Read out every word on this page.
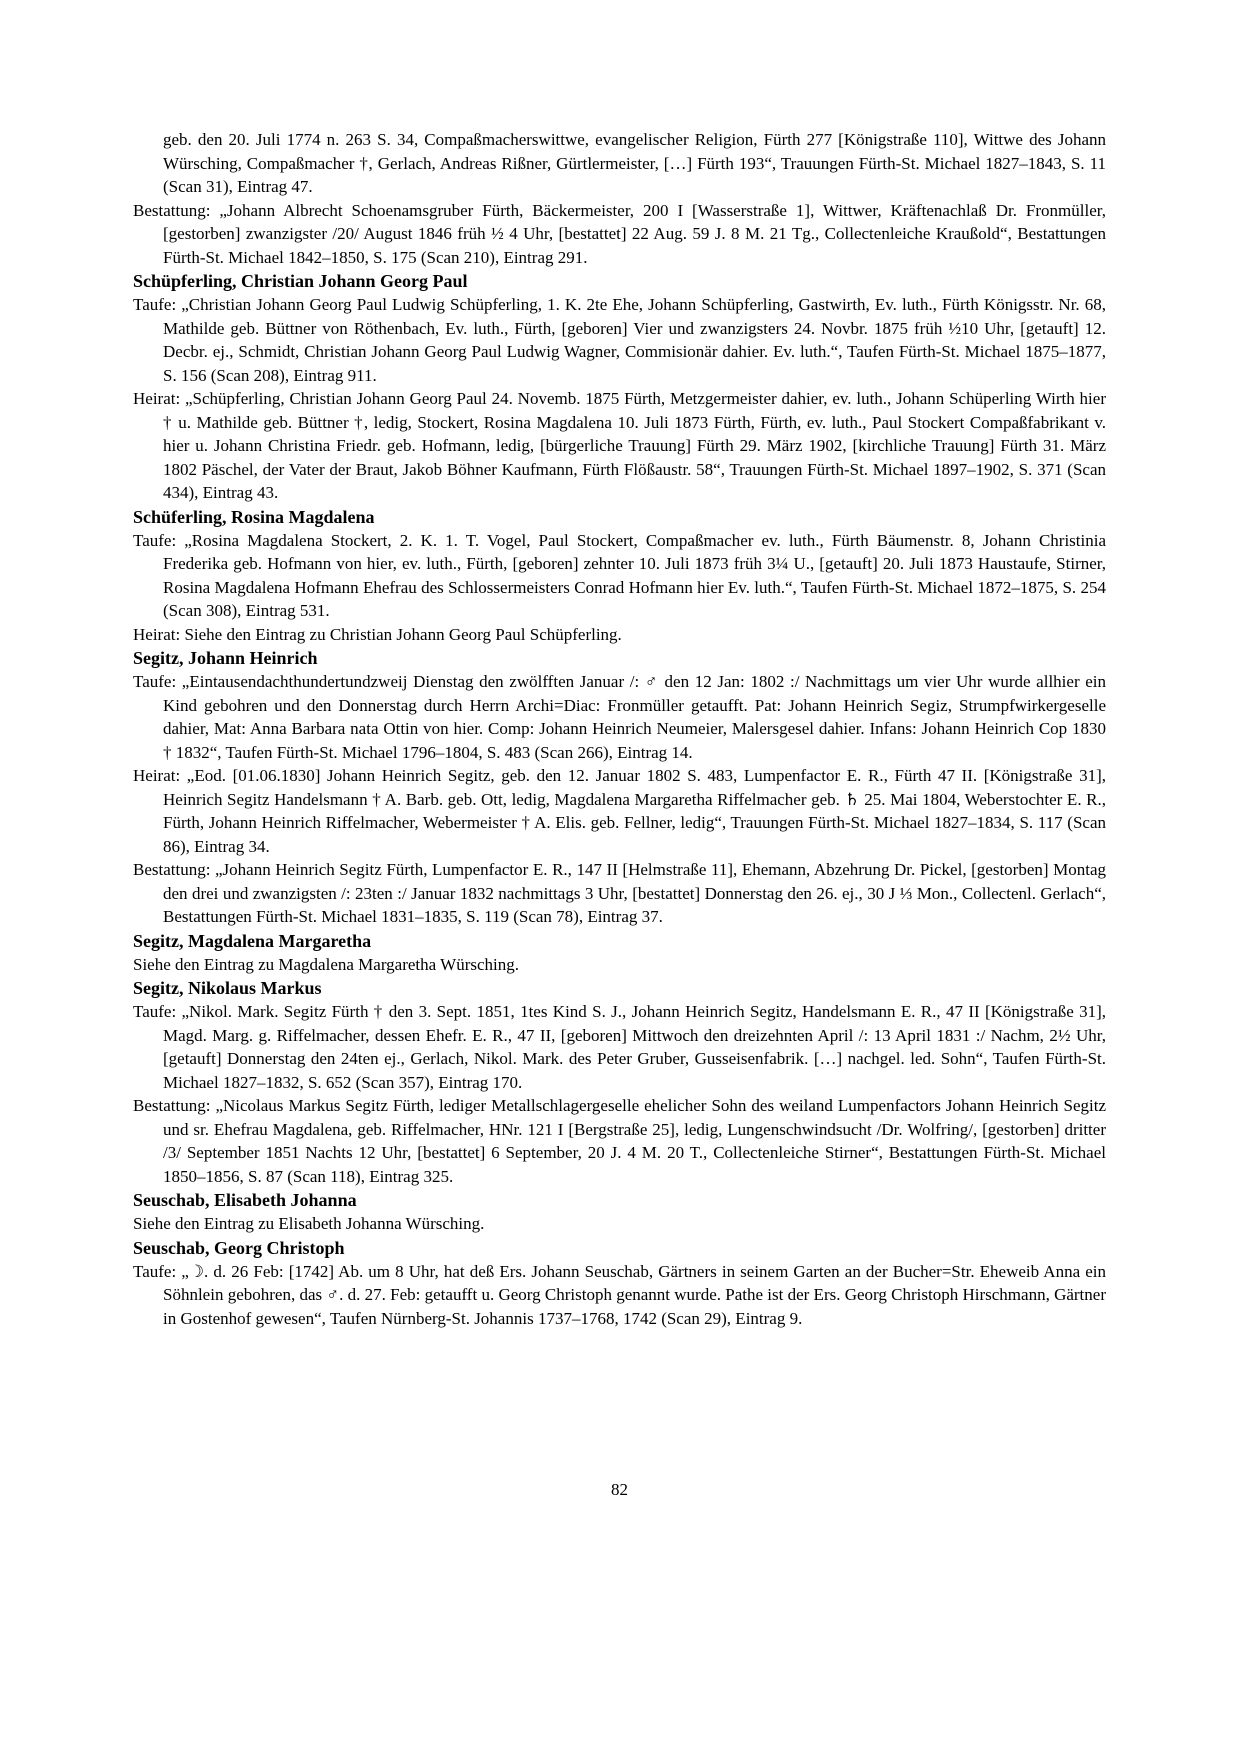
geb. den 20. Juli 1774 n. 263 S. 34, Compaßmacherswittwe, evangelischer Religion, Fürth 277 [Königstraße 110], Wittwe des Johann Würsching, Compaßmacher †, Gerlach, Andreas Rißner, Gürtlermeister, […] Fürth 193“, Trauungen Fürth-St. Michael 1827–1843, S. 11 (Scan 31), Eintrag 47.

Bestattung: „Johann Albrecht Schoenamsgruber Fürth, Bäckermeister, 200 I [Wasserstraße 1], Wittwer, Kräftenachlaß Dr. Fronmüller, [gestorben] zwanzigster /20/ August 1846 früh ½ 4 Uhr, [bestattet] 22 Aug. 59 J. 8 M. 21 Tg., Collectenleiche Kraußold“, Bestattungen Fürth-St. Michael 1842–1850, S. 175 (Scan 210), Eintrag 291.

Schüpferling, Christian Johann Georg Paul

Taufe: „Christian Johann Georg Paul Ludwig Schüpferling, 1. K. 2te Ehe, Johann Schüpferling, Gastwirth, Ev. luth., Fürth Königsstr. Nr. 68, Mathilde geb. Büttner von Röthenbach, Ev. luth., Fürth, [geboren] Vier und zwanzigsters 24. Novbr. 1875 früh ½10 Uhr, [getauft] 12. Decbr. ej., Schmidt, Christian Johann Georg Paul Ludwig Wagner, Commisionär dahier. Ev. luth.“, Taufen Fürth-St. Michael 1875–1877, S. 156 (Scan 208), Eintrag 911.

Heirat: „Schüpferling, Christian Johann Georg Paul 24. Novemb. 1875 Fürth, Metzgermeister dahier, ev. luth., Johann Schüperling Wirth hier † u. Mathilde geb. Büttner †, ledig, Stockert, Rosina Magdalena 10. Juli 1873 Fürth, Fürth, ev. luth., Paul Stockert Compaßfabrikant v. hier u. Johann Christina Friedr. geb. Hofmann, ledig, [bürgerliche Trauung] Fürth 29. März 1902, [kirchliche Trauung] Fürth 31. März 1802 Päschel, der Vater der Braut, Jakob Böhner Kaufmann, Fürth Flößaustr. 58“, Trauungen Fürth-St. Michael 1897–1902, S. 371 (Scan 434), Eintrag 43.

Schüferling, Rosina Magdalena

Taufe: „Rosina Magdalena Stockert, 2. K. 1. T. Vogel, Paul Stockert, Compaßmacher ev. luth., Fürth Bäumenstr. 8, Johann Christinia Frederika geb. Hofmann von hier, ev. luth., Fürth, [geboren] zehnter 10. Juli 1873 früh 3¼ U., [getauft] 20. Juli 1873 Haustaufe, Stirner, Rosina Magdalena Hofmann Ehefrau des Schlossermeisters Conrad Hofmann hier Ev. luth.“, Taufen Fürth-St. Michael 1872–1875, S. 254 (Scan 308), Eintrag 531.

Heirat: Siehe den Eintrag zu Christian Johann Georg Paul Schüpferling.

Segitz, Johann Heinrich

Taufe: „Eintausendachthundertundzweij Dienstag den zwölfften Januar /: ♂ den 12 Jan: 1802 :/ Nachmittags um vier Uhr wurde allhier ein Kind gebohren und den Donnerstag durch Herrn Archi=Diac: Fronmüller getaufft. Pat: Johann Heinrich Segiz, Strumpfwirkergeselle dahier, Mat: Anna Barbara nata Ottin von hier. Comp: Johann Heinrich Neumeier, Malersgesel dahier. Infans: Johann Heinrich Cop 1830 † 1832“, Taufen Fürth-St. Michael 1796–1804, S. 483 (Scan 266), Eintrag 14.

Heirat: „Eod. [01.06.1830] Johann Heinrich Segitz, geb. den 12. Januar 1802 S. 483, Lumpenfactor E. R., Fürth 47 II. [Königstraße 31], Heinrich Segitz Handelsmann † A. Barb. geb. Ott, ledig, Magdalena Margaretha Riffelmacher geb. ♄ 25. Mai 1804, Weberstochter E. R., Fürth, Johann Heinrich Riffelmacher, Webermeister † A. Elis. geb. Fellner, ledig“, Trauungen Fürth-St. Michael 1827–1834, S. 117 (Scan 86), Eintrag 34.

Bestattung: „Johann Heinrich Segitz Fürth, Lumpenfactor E. R., 147 II [Helmstraße 11], Ehemann, Abzehrung Dr. Pickel, [gestorben] Montag den drei und zwanzigsten /: 23ten :/ Januar 1832 nachmittags 3 Uhr, [bestattet] Donnerstag den 26. ej., 30 J ⅓ Mon., Collectenl. Gerlach“, Bestattungen Fürth-St. Michael 1831–1835, S. 119 (Scan 78), Eintrag 37.

Segitz, Magdalena Margaretha

Siehe den Eintrag zu Magdalena Margaretha Würsching.

Segitz, Nikolaus Markus

Taufe: „Nikol. Mark. Segitz Fürth † den 3. Sept. 1851, 1tes Kind S. J., Johann Heinrich Segitz, Handelsmann E. R., 47 II [Königstraße 31], Magd. Marg. g. Riffelmacher, dessen Ehefr. E. R., 47 II, [geboren] Mittwoch den dreizehnten April /: 13 April 1831 :/ Nachm, 2½ Uhr, [getauft] Donnerstag den 24ten ej., Gerlach, Nikol. Mark. des Peter Gruber, Gusseisenfabrik. […] nachgel. led. Sohn“, Taufen Fürth-St. Michael 1827–1832, S. 652 (Scan 357), Eintrag 170.

Bestattung: „Nicolaus Markus Segitz Fürth, lediger Metallschlagergeselle ehelicher Sohn des weiland Lumpenfactors Johann Heinrich Segitz und sr. Ehefrau Magdalena, geb. Riffelmacher, HNr. 121 I [Bergstraße 25], ledig, Lungenschwindsucht /Dr. Wolfring/, [gestorben] dritter /3/ September 1851 Nachts 12 Uhr, [bestattet] 6 September, 20 J. 4 M. 20 T., Collectenleiche Stirner“, Bestattungen Fürth-St. Michael 1850–1856, S. 87 (Scan 118), Eintrag 325.

Seuschab, Elisabeth Johanna

Siehe den Eintrag zu Elisabeth Johanna Würsching.

Seuschab, Georg Christoph

Taufe: „☽. d. 26 Feb: [1742] Ab. um 8 Uhr, hat deß Ers. Johann Seuschab, Gärtners in seinem Garten an der Bucher=Str. Eheweib Anna ein Söhnlein gebohren, das ♂. d. 27. Feb: getaufft u. Georg Christoph genannt wurde. Pathe ist der Ers. Georg Christoph Hirschmann, Gärtner in Gostenhof gewesen“, Taufen Nürnberg-St. Johannis 1737–1768, 1742 (Scan 29), Eintrag 9.

82
